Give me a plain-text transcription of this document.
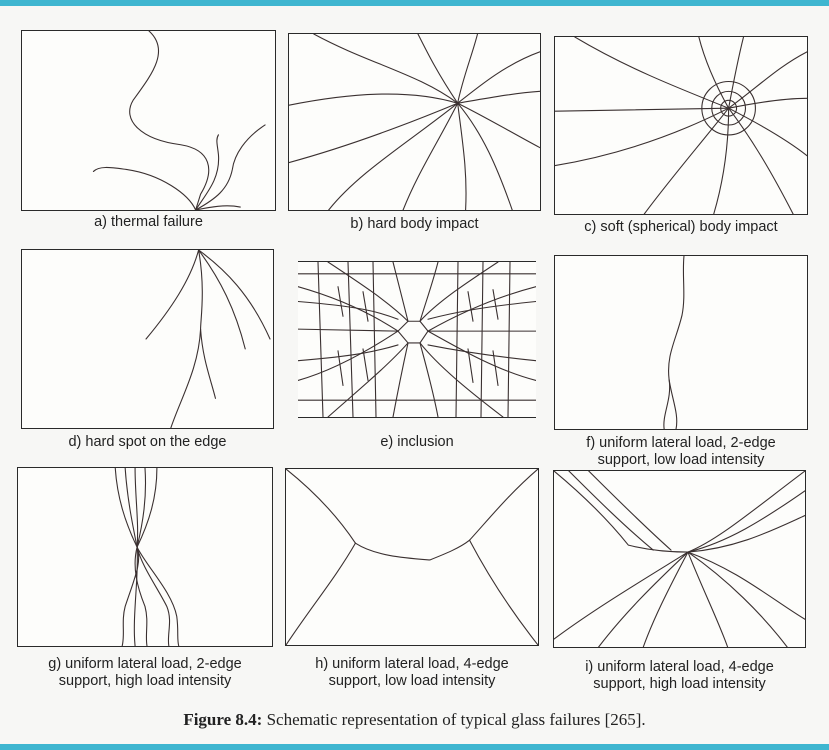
a) thermal failure	b) hard body impact	c) soft (spherical) body impact
d) hard spot on the edge	e) inclusion	f) uniform lateral load, 2-edge
support, low load intensity
g) uniform lateral load, 2-edge
support, high load intensity
h) uniform lateral load, 4-edge
support, low load intensity
i) uniform lateral load, 4-edge
support, high load intensity
Figure 8.4: Schematic representation of typical glass failures [265].
